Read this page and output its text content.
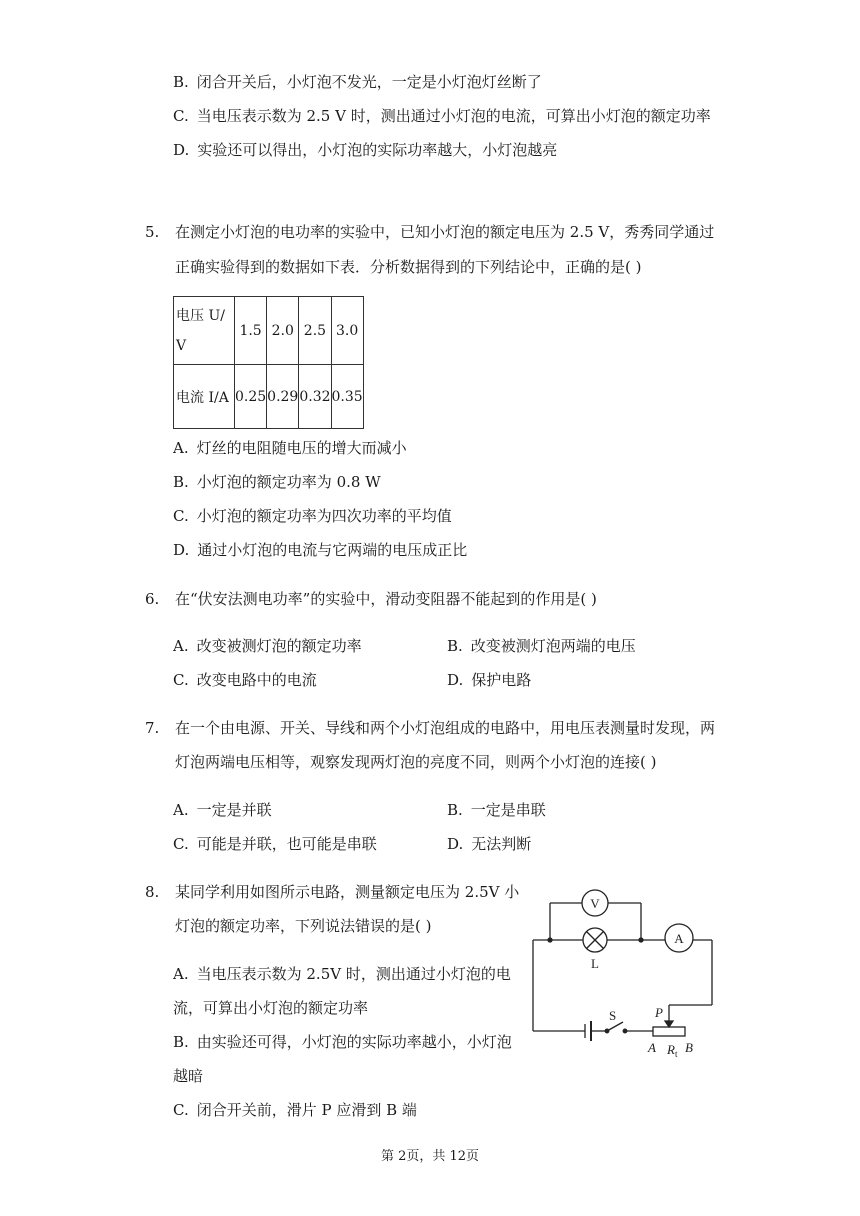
B. 闭合开关后，小灯泡不发光，一定是小灯泡灯丝断了
C. 当电压表示数为 2.5 V 时，测出通过小灯泡的电流，可算出小灯泡的额定功率
D. 实验还可以得出，小灯泡的实际功率越大，小灯泡越亮
5. 在测定小灯泡的电功率的实验中，已知小灯泡的额定电压为 2.5 V，秀秀同学通过
正确实验得到的数据如下表．分析数据得到的下列结论中，正确的是( )
电压 U/
V	1.5	2.0	2.5	3.0
电流 I/A	0.25	0.29	0.32	0.35
A. 灯丝的电阻随电压的增大而减小
B. 小灯泡的额定功率为 0.8 W
C. 小灯泡的额定功率为四次功率的平均值
D. 通过小灯泡的电流与它两端的电压成正比
6. 在“伏安法测电功率”的实验中，滑动变阻器不能起到的作用是( )
A. 改变被测灯泡的额定功率	B. 改变被测灯泡两端的电压
C. 改变电路中的电流	D. 保护电路
7. 在一个由电源、开关、导线和两个小灯泡组成的电路中，用电压表测量时发现，两
灯泡两端电压相等，观察发现两灯泡的亮度不同，则两个小灯泡的连接( )
A. 一定是并联	B. 一定是串联
C. 可能是并联，也可能是串联	D. 无法判断
8. 某同学利用如图所示电路，测量额定电压为 2.5V 小
灯泡的额定功率，下列说法错误的是( )
A. 当电压表示数为 2.5V 时，测出通过小灯泡的电
流，可算出小灯泡的额定功率
B. 由实验还可得，小灯泡的实际功率越小，小灯泡
越暗
C. 闭合开关前，滑片 P 应滑到 B 端
V
L
A
P
A $R_t$ B
S
第 2页，共 12页
